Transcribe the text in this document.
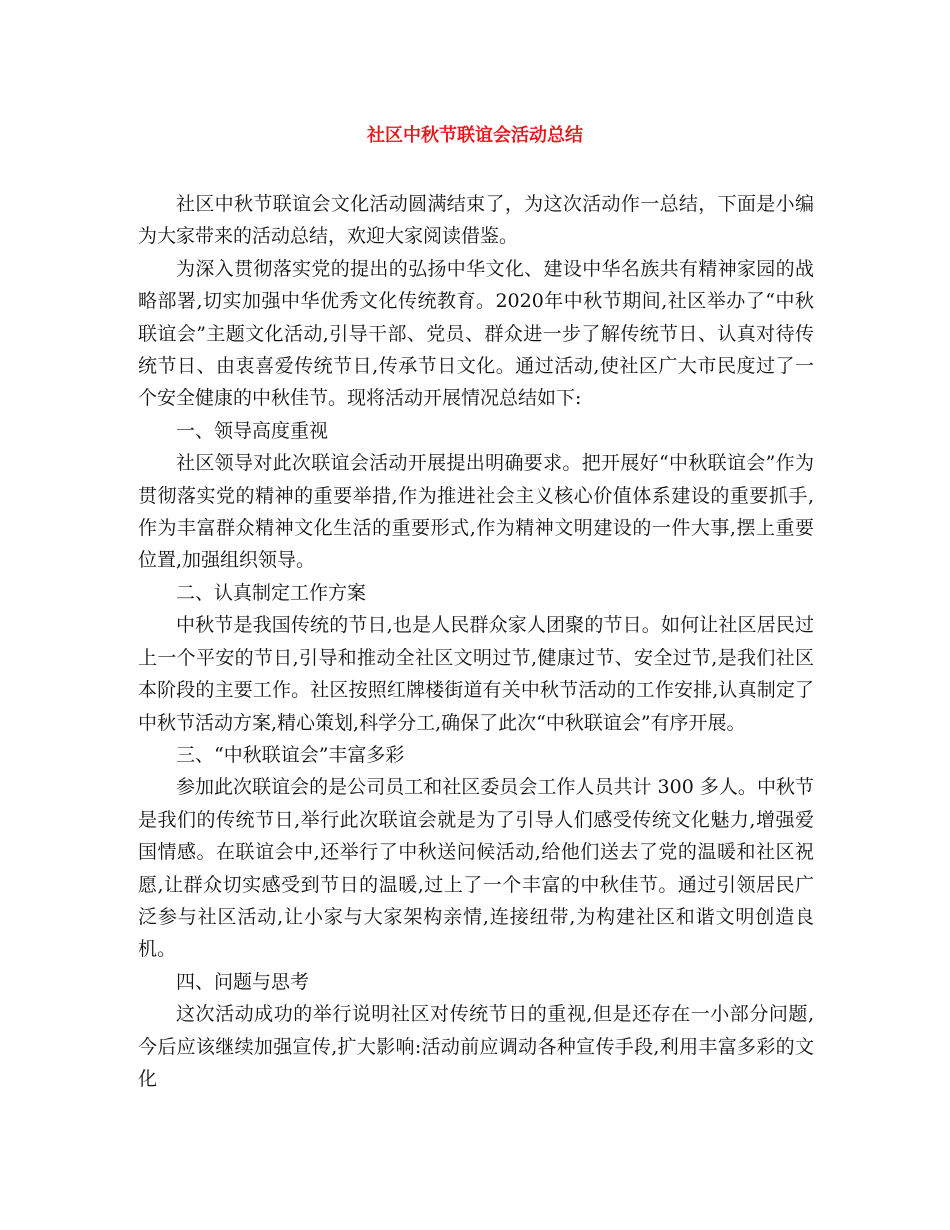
社区中秋节联谊会活动总结

社区中秋节联谊会文化活动圆满结束了，为这次活动作一总结，下面是小编为大家带来的活动总结，欢迎大家阅读借鉴。

为深入贯彻落实党的提出的弘扬中华文化、建设中华名族共有精神家园的战略部署,切实加强中华优秀文化传统教育。2020年中秋节期间,社区举办了“中秋联谊会”主题文化活动,引导干部、党员、群众进一步了解传统节日、认真对待传统节日、由衷喜爱传统节日,传承节日文化。通过活动,使社区广大市民度过了一个安全健康的中秋佳节。现将活动开展情况总结如下:

一、领导高度重视

社区领导对此次联谊会活动开展提出明确要求。把开展好“中秋联谊会”作为贯彻落实党的精神的重要举措,作为推进社会主义核心价值体系建设的重要抓手,作为丰富群众精神文化生活的重要形式,作为精神文明建设的一件大事,摆上重要位置,加强组织领导。

二、认真制定工作方案

中秋节是我国传统的节日,也是人民群众家人团聚的节日。如何让社区居民过上一个平安的节日,引导和推动全社区文明过节,健康过节、安全过节,是我们社区本阶段的主要工作。社区按照红牌楼街道有关中秋节活动的工作安排,认真制定了中秋节活动方案,精心策划,科学分工,确保了此次“中秋联谊会”有序开展。

三、“中秋联谊会”丰富多彩

参加此次联谊会的是公司员工和社区委员会工作人员共计 300 多人。中秋节是我们的传统节日,举行此次联谊会就是为了引导人们感受传统文化魅力,增强爱国情感。在联谊会中,还举行了中秋送问候活动,给他们送去了党的温暖和社区祝愿,让群众切实感受到节日的温暖,过上了一个丰富的中秋佳节。通过引领居民广泛参与社区活动,让小家与大家架构亲情,连接纽带,为构建社区和谐文明创造良机。

四、问题与思考

这次活动成功的举行说明社区对传统节日的重视,但是还存在一小部分问题,今后应该继续加强宣传,扩大影响:活动前应调动各种宣传手段,利用丰富多彩的文化
